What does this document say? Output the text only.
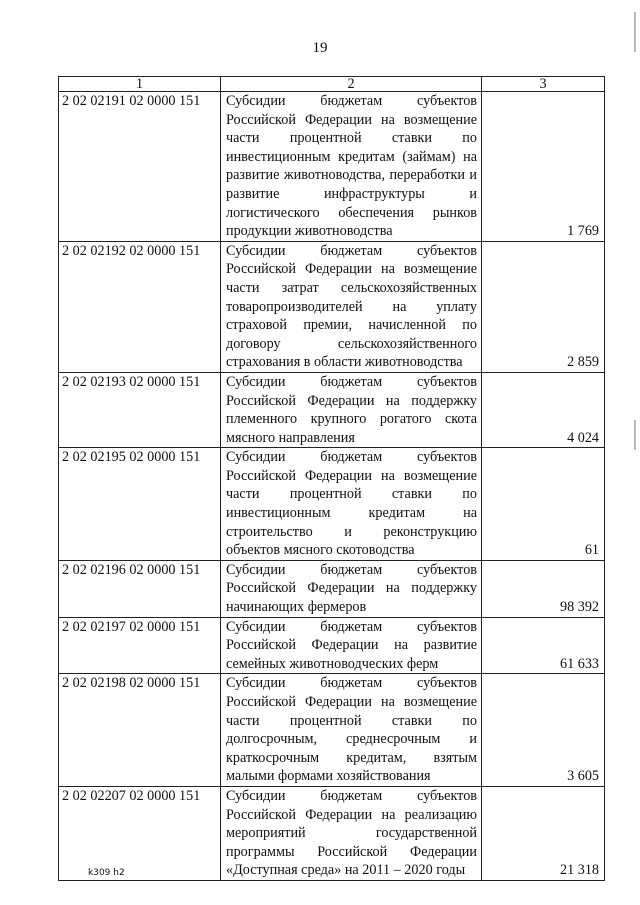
19
1	2	3
2 02 02191 02 0000 151	Субсидии бюджетам субъектов Российской Федерации на возмещение части процентной ставки по инвестиционным кредитам (займам) на развитие животноводства, переработки и развитие инфраструктуры и логистического обеспечения рынков продукции животноводства	1 769
2 02 02192 02 0000 151	Субсидии бюджетам субъектов Российской Федерации на возмещение части затрат сельскохозяйственных товаропроизводителей на уплату страховой премии, начисленной по договору сельскохозяйственного страхования в области животноводства	2 859
2 02 02193 02 0000 151	Субсидии бюджетам субъектов Российской Федерации на поддержку племенного крупного рогатого скота мясного направления	4 024
2 02 02195 02 0000 151	Субсидии бюджетам субъектов Российской Федерации на возмещение части процентной ставки по инвестиционным кредитам на строительство и реконструкцию объектов мясного скотоводства	61
2 02 02196 02 0000 151	Субсидии бюджетам субъектов Российской Федерации на поддержку начинающих фермеров	98 392
2 02 02197 02 0000 151	Субсидии бюджетам субъектов Российской Федерации на развитие семейных животноводческих ферм	61 633
2 02 02198 02 0000 151	Субсидии бюджетам субъектов Российской Федерации на возмещение части процентной ставки по долгосрочным, среднесрочным и краткосрочным кредитам, взятым малыми формами хозяйствования	3 605
2 02 02207 02 0000 151	Субсидии бюджетам субъектов Российской Федерации на реализацию мероприятий государственной программы Российской Федерации «Доступная среда» на 2011 – 2020 годы	21 318
k309 h2
